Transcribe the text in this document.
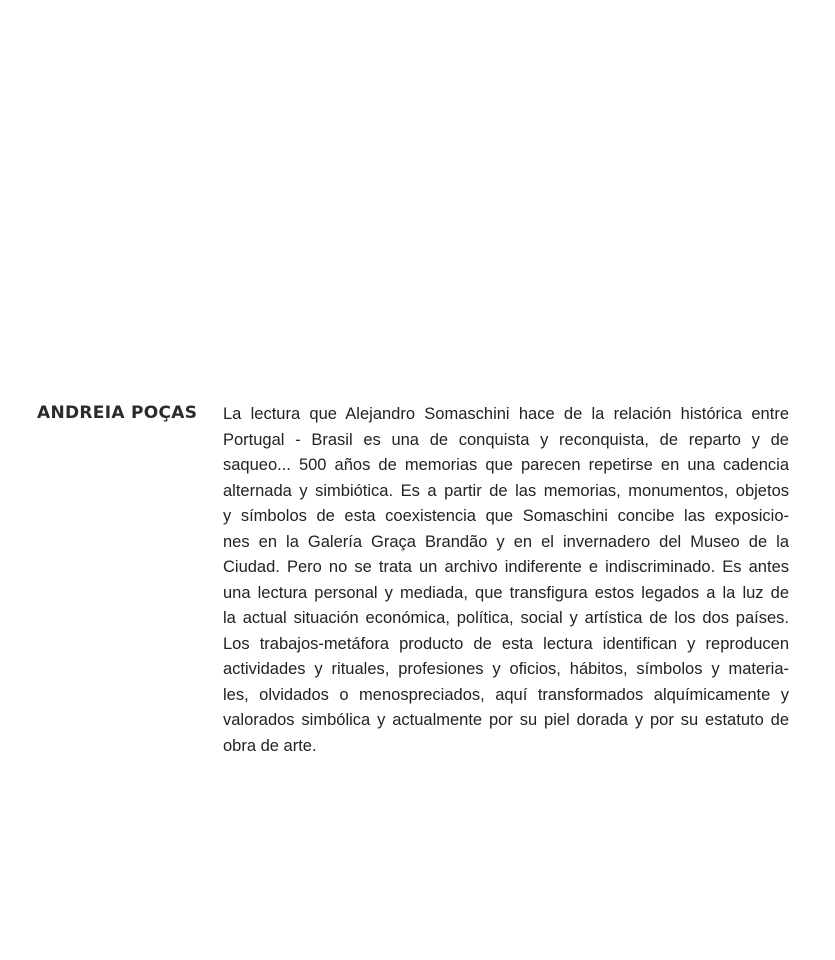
ANDREIA POÇAS	La lectura que Alejandro Somaschini hace de la relación histórica entre
Portugal - Brasil es una de conquista y reconquista, de reparto y de
saqueo... 500 años de memorias que parecen repetirse en una cadencia
alternada y simbiótica. Es a partir de las memorias, monumentos, objetos
y símbolos de esta coexistencia que Somaschini concibe las exposicio-
nes en la Galería Graça Brandão y en el invernadero del Museo de la
Ciudad. Pero no se trata un archivo indiferente e indiscriminado. Es antes
una lectura personal y mediada, que transfigura estos legados a la luz de
la actual situación económica, política, social y artística de los dos países.
Los trabajos-metáfora producto de esta lectura identifican y reproducen
actividades y rituales, profesiones y oficios, hábitos, símbolos y materia-
les, olvidados o menospreciados, aquí transformados alquímicamente y
valorados simbólica y actualmente por su piel dorada y por su estatuto de
obra de arte.
